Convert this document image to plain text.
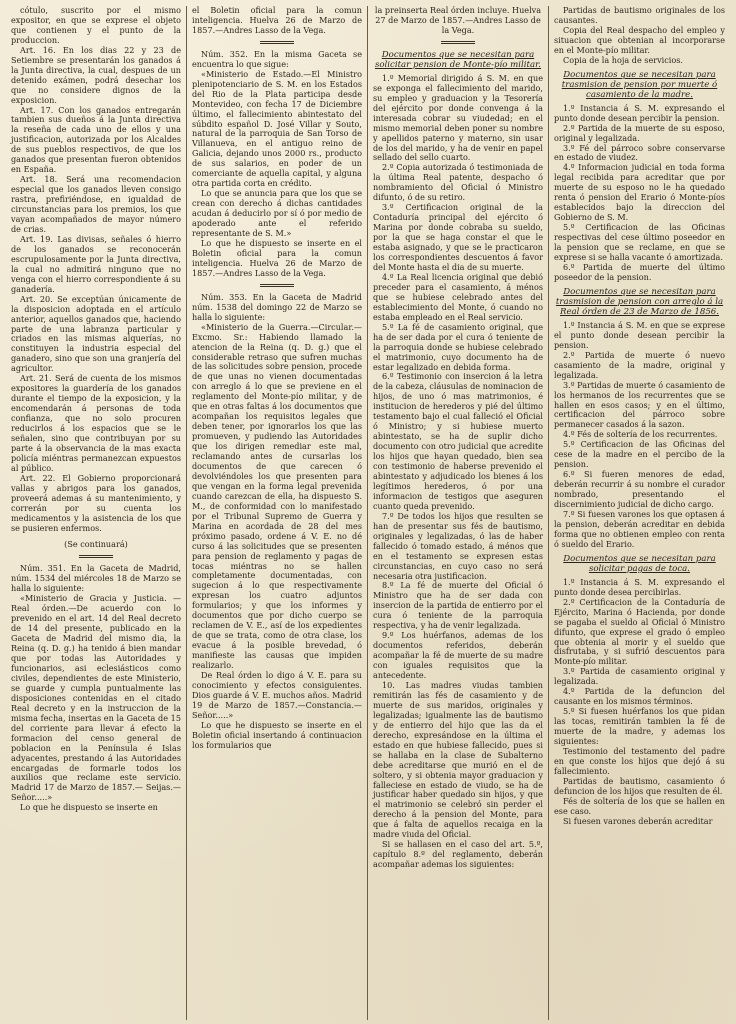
cótulo, suscrito por el mismo expositor, en que se exprese el objeto que contienen y el punto de la produccion.

Art. 16. En los dias 22 y 23 de Setiembre se presentarán los ganados á la Junta directiva, la cual, despues de un detenido exámen, podrá desechar los que no considere dignos de la exposicion.

Art. 17. Con los ganados entregarán tambien sus dueños á la Junta directiva la reseña de cada uno de ellos y una justificacion, autorizada por los Alcaldes de sus pueblos respectivos, de que los ganados que presentan fueron obtenidos en España.

Art. 18. Será una recomendacion especial que los ganados lleven consigo rastra, prefiriéndose, en igualdad de circunstancias para los premios, los que vayan acompañados de mayor número de crias.

Art. 19. Las divisas, señales ó hierro de los ganados se reconocerán escrupulosamente por la Junta directiva, la cual no admitirá ninguno que no venga con el hierro correspondiente á su ganadería.

Art. 20. Se exceptúan únicamente de la disposicion adoptada en el artículo anterior, aquellos ganados que, haciendo parte de una labranza particular y criados en las mismas alquerías, no constituyen la industria especial del ganadero, sino que son una granjería del agricultor.

Art. 21. Será de cuenta de los mismos expositores la guardería de los ganados durante el tiempo de la exposicion, y la encomendarán á personas de toda confianza, que no solo procuren reducirlos á los espacios que se le señalen, sino que contribuyan por su parte á la observancia de la mas exacta policía miéntras permanezcan expuestos al público.

Art. 22. El Gobierno proporcionará vallas y abrigos para los ganados, proveerá ademas á su mantenimiento, y correrán por su cuenta los medicamentos y la asistencia de los que se pusieren enfermos.

(Se continuará)

Núm. 351. En la Gaceta de Madrid, núm. 1534 del miércoles 18 de Marzo se halla lo siguiente:

«Ministerio de Gracia y Justicia. —Real órden.—De acuerdo con lo prevenido en el art. 14 del Real decreto de 14 del presente, publicado en la Gaceta de Madrid del mismo dia, la Reina (q. D. g.) ha tenido á bien mandar que por todas las Autoridades y funcionarios, asi eclesiásticos como civiles, dependientes de este Ministerio, se guarde y cumpla puntualmente las disposiciones contenidas en el citado Real decreto y en la instruccion de la misma fecha, insertas en la Gaceta de 15 del corriente para llevar á efecto la formacion del censo general de poblacion en la Península é Islas adyacentes, prestando á las Autoridades encargadas de formarle todos los auxilios que reclame este servicio. Madrid 17 de Marzo de 1857.— Seijas.— Señor.....»

Lo que he dispuesto se inserte en

el Boletin oficial para la comun inteligencia. Huelva 26 de Marzo de 1857.—Andres Lasso de la Vega.

Núm. 352. En la misma Gaceta se encuentra lo que sigue:

«Ministerio de Estado.—El Ministro plenipotenciario de S. M. en los Estados del Rio de la Plata participa desde Montevideo, con fecha 17 de Diciembre último, el fallecimiento abintestato del súbdito español D. José Villar y Souto, natural de la parroquia de San Torso de Villanueva, en el antiguo reino de Galicia, dejando unos 2000 rs., producto de sus salarios, en poder de un comerciante de aquella capital, y alguna otra partida corta en crédito.

Lo que se anuncia para que los que se crean con derecho á dichas cantidades acudan á deducirlo por sí ó por medio de apoderado ante el referido representante de S. M.»

Lo que he dispuesto se inserte en el Boletin oficial para la comun inteligencia. Huelva 26 de Marzo de 1857.—Andres Lasso de la Vega.

Núm. 353. En la Gaceta de Madrid núm. 1538 del domingo 22 de Marzo se halla lo siguiente:

«Ministerio de la Guerra.—Circular.—Excmo. Sr.: Habiendo llamado la atencion de la Reina (q. D. g.) que el considerable retraso que sufren muchas de las solicitudes sobre pension, procede de que unas no vienen documentadas con arreglo á lo que se previene en el reglamento del Monte-pío militar, y de que en otras faltas á los documentos que acompañan los requisitos legales que deben tener, por ignorarlos los que las promueven, y pudiendo las Autoridades que los dirigen remediar este mal, reclamando antes de cursarlas los documentos de que carecen ó devolviéndoles los que presenten para que vengan en la forma legal prevenida cuando carezcan de ella, ha dispuesto S. M., de conformidad con lo manifestado por el Tribunal Supremo de Guerra y Marina en acordada de 28 del mes próximo pasado, ordene á V. E. no dé curso á las solicitudes que se presenten para pension de reglamento y pagas de tocas miéntras no se hallen completamente documentadas, con sugecion á lo que respectivamente expresan los cuatro adjuntos formularios; y que los informes y documentos que por dicho cuerpo se reclamen de V. E., así de los expedientes de que se trata, como de otra clase, los evacue á la posible brevedad, ó manifieste las causas que impiden realizarlo.

De Real órden lo digo á V. E. para su conocimiento y efectos consiguientes. Dios guarde á V. E. muchos años. Madrid 19 de Marzo de 1857.—Constancia.—Señor.....»

Lo que he dispuesto se inserte en el Boletin oficial insertando á continuacion los formularios que

la preinserta Real órden incluye. Huelva 27 de Marzo de 1857.—Andres Lasso de la Vega.

Documentos que se necesitan para solicitar pension de Monte-pío militar.

1.º Memorial dirigido á S. M. en que se exponga el fallecimiento del marido, su empleo y graduacion y la Tesorería del ejército por donde convenga á la interesada cobrar su viudedad; en el mismo memorial deben poner su nombre y apellidos paterno y materno, sin usar de los del marido, y ha de venir en papel sellado del sello cuarto.

2.º Copia autorizada ó testimoniada de la última Real patente, despacho ó nombramiento del Oficial ó Ministro difunto, ó de su retiro.

3.º Certificacion original de la Contaduría principal del ejército ó Marina por donde cobraba su sueldo, por la que se haga constar el que le estaba asignado, y que se le practicaron los correspondientes descuentos á favor del Monte hasta el dia de su muerte.

4.º La Real licencia original que debió preceder para el casamiento, á ménos que se hubiese celebrado antes del establecimiento del Monte, ó cuando no estaba empleado en el Real servicio.

5.º La fé de casamiento original, que ha de ser dada por el cura ó teniente de la parroquia donde se hubiese celebrado el matrimonio, cuyo documento ha de estar legalizado en debida forma.

6.º Testimonio con insercion á la letra de la cabeza, cláusulas de nominacion de hijos, de uno ó mas matrimonios, é institucion de herederos y pié del último testamento bajo el cual falleció el Oficial ó Ministro; y si hubiese muerto abintestato, se ha de suplir dicho documento con otro judicial que acredite los hijos que hayan quedado, bien sea con testimonio de haberse prevenido el abintestato y adjudicado los bienes á los legítimos herederos, ó por una informacion de testigos que aseguren cuanto queda prevenido.

7.º De todos los hijos que resulten se han de presentar sus fés de bautismo, originales y legalizadas, ó las de haber fallecido ó tomado estado, á ménos que en el testamento se expresen estas circunstancias, en cuyo caso no será necesaria otra justificacion.

8.º La fé de muerte del Oficial ó Ministro que ha de ser dada con insercion de la partida de entierro por el cura ó teniente de la parroquia respectiva, y ha de venir legalizada.

9.º Los huérfanos, ademas de los documentos referidos, deberán acompañar la fé de muerte de su madre con iguales requisitos que la antecedente.

10. Las madres viudas tambien remitirán las fés de casamiento y de muerte de sus maridos, originales y legalizadas; igualmente las de bautismo y de entierro del hijo que las da el derecho, expresándose en la última el estado en que hubiese fallecido, pues si se hallaba en la clase de Subalterno debe acreditarse que murió en el de soltero, y si obtenia mayor graduacion y falleciese en estado de viudo, se ha de justificar haber quedado sin hijos, y que el matrimonio se celebró sin perder el derecho á la pension del Monte, para que á falta de aquellos recaiga en la madre viuda del Oficial.

Si se hallasen en el caso del art. 5.º, capítulo 8.º del reglamento, deberán acompañar ademas los siguientes:

Partidas de bautismo originales de los causantes.

Copia del Real despacho del empleo y situacion que obtenian al incorporarse en el Monte-pío militar.

Copia de la hoja de servicios.

Documentos que se necesitan para trasmision de pension por muerte ó casamiento de la madre.

1.º Instancia á S. M. expresando el punto donde desean percibir la pension.

2.º Partida de la muerte de su esposo, original y legalizada.

3.º Fé del párroco sobre conservarse en estado de viudez.

4.º Informacion judicial en toda forma legal recibida para acreditar que por muerte de su esposo no le ha quedado renta ó pension del Erario ó Monte-píos establecidos bajo la direccion del Gobierno de S. M.

5.º Certificacion de las Oficinas respectivas del cese último poseedor en la pension que se reclame, en que se exprese si se halla vacante ó amortizada.

6.º Partida de muerte del último poseedor de la pension.

Documentos que se necesitan para trasmision de pension con arreglo á la Real órden de 23 de Marzo de 1856.

1.º Instancia á S. M. en que se exprese el punto donde desean percibir la pension.

2.º Partida de muerte ó nuevo casamiento de la madre, original y legalizada.

3.º Partidas de muerte ó casamiento de los hermanos de los recurrentes que se hallen en esos casos; y en el último, certificacion del párroco sobre permanecer casados á la sazon.

4.º Fés de soltería de los recurrentes.

5.º Certificacion de las Oficinas del cese de la madre en el percibo de la pension.

6.º Si fueren menores de edad, deberán recurrir á su nombre el curador nombrado, presentando el discernimiento judicial de dicho cargo.

7.º Si fuesen varones los que optasen á la pension, deberán acreditar en debida forma que no obtienen empleo con renta ó sueldo del Erario.

Documentos que se necesitan para solicitar pagas de toca.

1.º Instancia á S. M. expresando el punto donde desea percibirlas.

2.º Certificacion de la Contaduría de Ejército, Marina ó Hacienda, por donde se pagaba el sueldo al Oficial ó Ministro difunto, que exprese el grado ó empleo que obtenia al morir y el sueldo que disfrutaba, y si sufrió descuentos para Monte-pío militar.

3.º Partida de casamiento original y legalizada.

4.º Partida de la defuncion del causante en los mismos términos.

5.º Si fuesen huérfanos los que pidan las tocas, remitirán tambien la fé de muerte de la madre, y ademas los siguientes:

Testimonio del testamento del padre en que conste los hijos que dejó á su fallecimiento.

Partidas de bautismo, casamiento ó defuncion de los hijos que resulten de él.

Fés de soltería de los que se hallen en ese caso.

Si fuesen varones deberán acreditar
